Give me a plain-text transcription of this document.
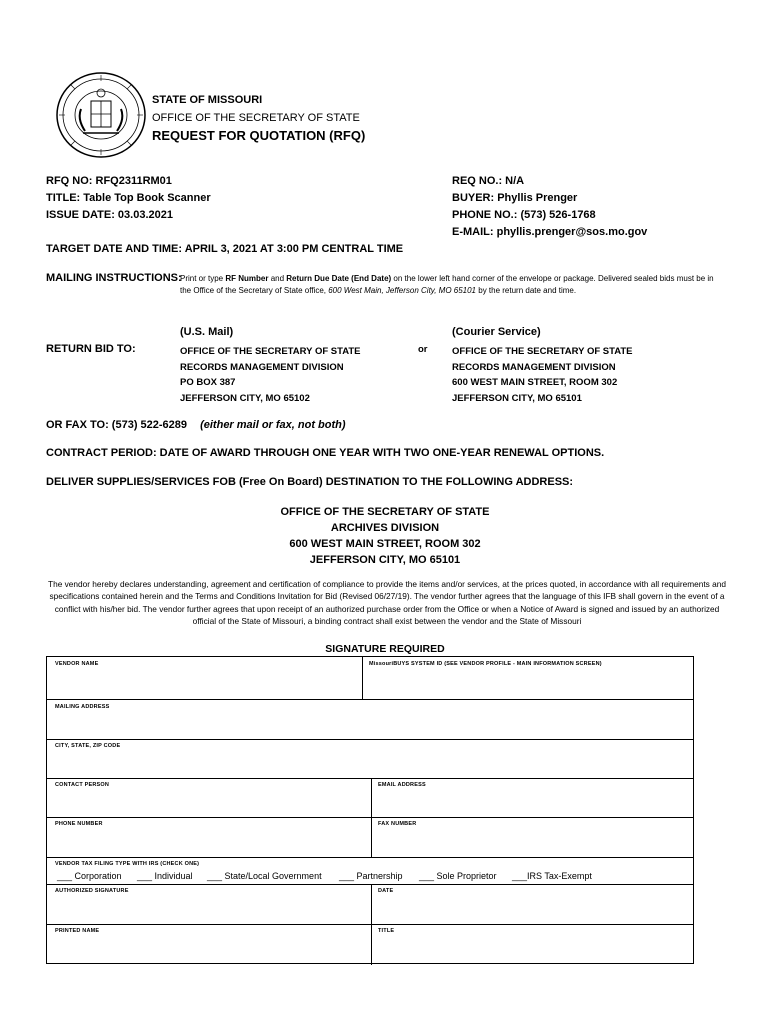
STATE OF MISSOURI
OFFICE OF THE SECRETARY OF STATE
REQUEST FOR QUOTATION (RFQ)
RFQ NO: RFQ2311RM01
TITLE: Table Top Book Scanner
ISSUE DATE: 03.03.2021
REQ NO.: N/A
BUYER: Phyllis Prenger
PHONE NO.: (573) 526-1768
E-MAIL: phyllis.prenger@sos.mo.gov
TARGET DATE AND TIME: APRIL 3, 2021 AT 3:00 PM CENTRAL TIME
MAILING INSTRUCTIONS:
Print or type RF Number and Return Due Date (End Date) on the lower left hand corner of the envelope or package. Delivered sealed bids must be in the Office of the Secretary of State office, 600 West Main, Jefferson City, MO 65101 by the return date and time.
(U.S. Mail)	(Courier Service)
RETURN BID TO:	OFFICE OF THE SECRETARY OF STATE
RECORDS MANAGEMENT DIVISION
PO BOX 387
JEFFERSON CITY, MO 65102
or	OFFICE OF THE SECRETARY OF STATE
RECORDS MANAGEMENT DIVISION
600 WEST MAIN STREET, ROOM 302
JEFFERSON CITY, MO 65101
OR FAX TO: (573) 522-6289 (either mail or fax, not both)
CONTRACT PERIOD: DATE OF AWARD THROUGH ONE YEAR WITH TWO ONE-YEAR RENEWAL OPTIONS.
DELIVER SUPPLIES/SERVICES FOB (Free On Board) DESTINATION TO THE FOLLOWING ADDRESS:
OFFICE OF THE SECRETARY OF STATE
ARCHIVES DIVISION
600 WEST MAIN STREET, ROOM 302
JEFFERSON CITY, MO 65101
The vendor hereby declares understanding, agreement and certification of compliance to provide the items and/or services, at the prices quoted, in accordance with all requirements and specifications contained herein and the Terms and Conditions Invitation for Bid (Revised 06/27/19). The vendor further agrees that the language of this IFB shall govern in the event of a conflict with his/her bid. The vendor further agrees that upon receipt of an authorized purchase order from the Office or when a Notice of Award is signed and issued by an authorized official of the State of Missouri, a binding contract shall exist between the vendor and the State of Missouri
SIGNATURE REQUIRED
VENDOR NAME	MissouriBUYS SYSTEM ID (SEE VENDOR PROFILE - MAIN INFORMATION SCREEN)
MAILING ADDRESS
CITY, STATE, ZIP CODE
CONTACT PERSON	EMAIL ADDRESS
PHONE NUMBER	FAX NUMBER
VENDOR TAX FILING TYPE WITH IRS (CHECK ONE)
___ Corporation ___ Individual ___ State/Local Government ___ Partnership ___ Sole Proprietor ___IRS Tax-Exempt
AUTHORIZED SIGNATURE	DATE
PRINTED NAME	TITLE
